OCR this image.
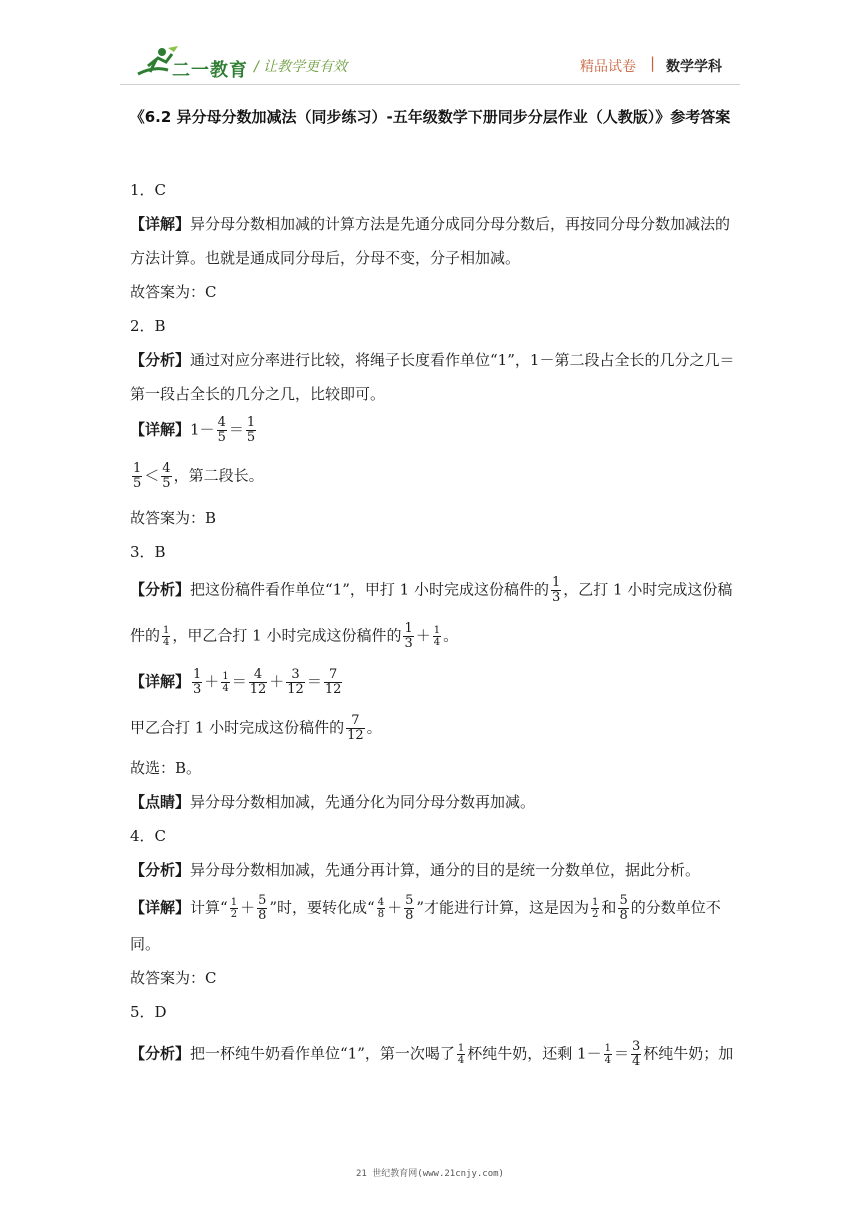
二一教育 / 让教学更有效	精品试卷 | 数学学科
《6.2 异分母分数加减法（同步练习）-五年级数学下册同步分层作业（人教版）》参考答案
1．C
【详解】异分母分数相加减的计算方法是先通分成同分母分数后，再按同分母分数加减法的
方法计算。也就是通成同分母后，分母不变，分子相加减。
故答案为：C
2．B
【分析】通过对应分率进行比较，将绳子长度看作单位“1”，1－第二段占全长的几分之几＝
第一段占全长的几分之几，比较即可。
【详解】$1- \frac{4}{5} = \frac{1}{5}$
$\frac{1}{5} < \frac{4}{5}$ ，第二段长。
故答案为：B
3．B
【分析】把这份稿件看作单位“1”，甲打 1 小时完成这份稿件的 $\frac{1}{3}$ ，乙打 1 小时完成这份稿
件的 $\frac{1}{4}$ ，甲乙合打 1 小时完成这份稿件的 $\frac{1}{3} + \frac{1}{4}$ 。
【详解】 $\frac{1}{3} + \frac{1}{4} = \frac{4}{12} + \frac{3}{12} = \frac{7}{12}$
甲乙合打 1 小时完成这份稿件的 $\frac{7}{12}$ 。
故选：B。
【点睛】异分母分数相加减，先通分化为同分母分数再加减。
4．C
【分析】异分母分数相加减，先通分再计算，通分的目的是统一分数单位，据此分析。
【详解】计算“ $\frac{1}{2} + \frac{5}{8}$ ”时，要转化成“ $\frac{4}{8} + \frac{5}{8}$ ”才能进行计算，这是因为 $\frac{1}{2}$ 和 $\frac{5}{8}$ 的分数单位不
同。
故答案为：C
5．D
【分析】把一杯纯牛奶看作单位“1”，第一次喝了 $\frac{1}{4}$ 杯纯牛奶，还剩 $1- \frac{1}{4} = \frac{3}{4}$ 杯纯牛奶；加
21 世纪教育网(www.21cnjy.com)
